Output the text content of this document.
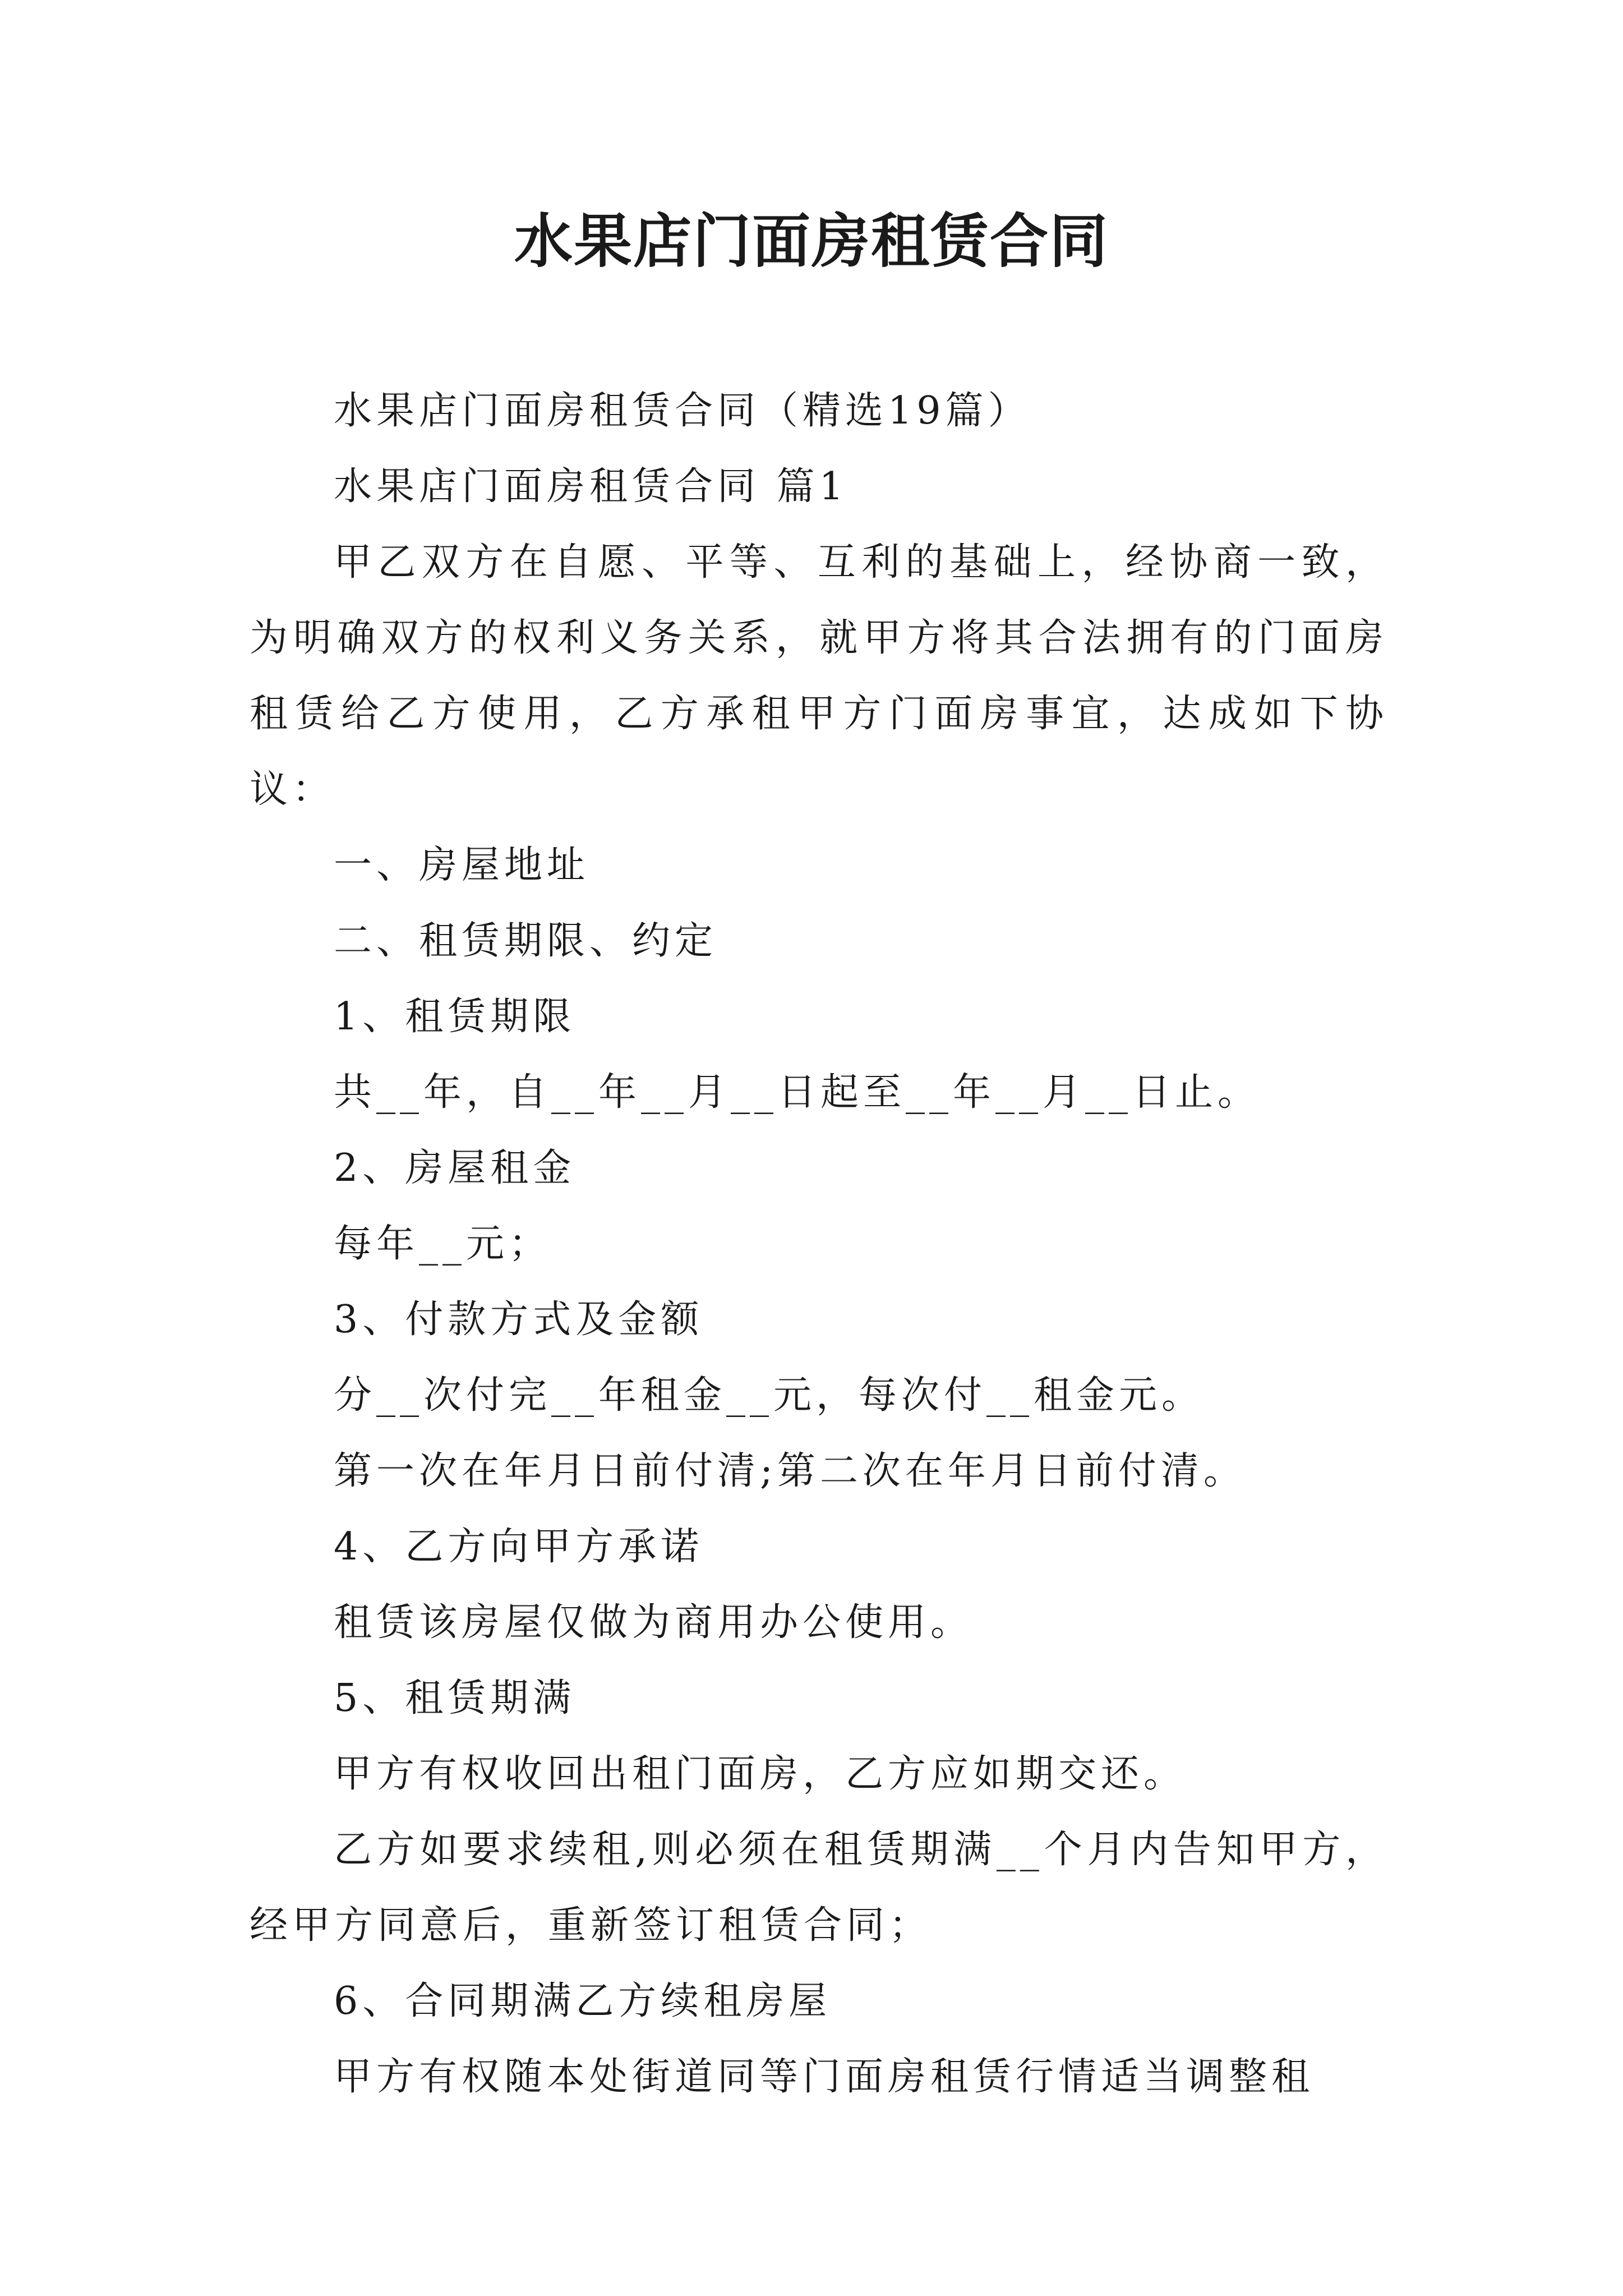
水果店门面房租赁合同

水果店门面房租赁合同（精选19篇）

水果店门面房租赁合同 篇1

甲乙双方在自愿、平等、互利的基础上，经协商一致，为明确双方的权利义务关系，就甲方将其合法拥有的门面房租赁给乙方使用，乙方承租甲方门面房事宜，达成如下协议：

一、房屋地址

二、租赁期限、约定

1、租赁期限

共__年，自__年__月__日起至__年__月__日止。

2、房屋租金

每年__元；

3、付款方式及金额

分__次付完__年租金__元，每次付__租金元。

第一次在年月日前付清;第二次在年月日前付清。

4、乙方向甲方承诺

租赁该房屋仅做为商用办公使用。

5、租赁期满

甲方有权收回出租门面房，乙方应如期交还。

乙方如要求续租,则必须在租赁期满__个月内告知甲方，经甲方同意后，重新签订租赁合同；

6、合同期满乙方续租房屋

甲方有权随本处街道同等门面房租赁行情适当调整租
